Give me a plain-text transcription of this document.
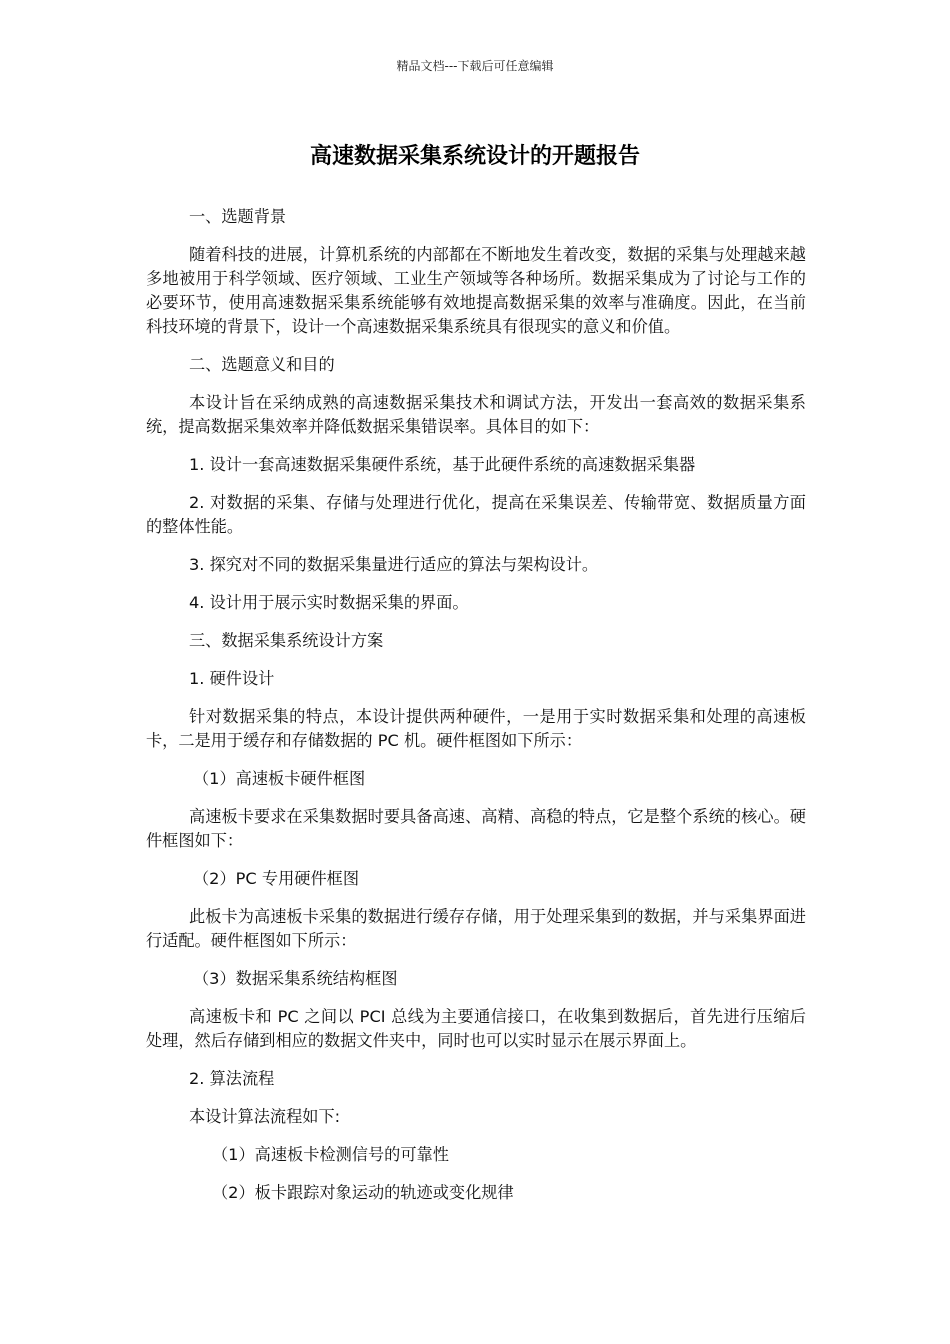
精品文档---下载后可任意编辑
高速数据采集系统设计的开题报告

一、选题背景

随着科技的进展，计算机系统的内部都在不断地发生着改变，数据的采集与处理越来越多地被用于科学领域、医疗领域、工业生产领域等各种场所。数据采集成为了讨论与工作的必要环节，使用高速数据采集系统能够有效地提高数据采集的效率与准确度。因此，在当前科技环境的背景下，设计一个高速数据采集系统具有很现实的意义和价值。

二、选题意义和目的

本设计旨在采纳成熟的高速数据采集技术和调试方法，开发出一套高效的数据采集系统，提高数据采集效率并降低数据采集错误率。具体目的如下：

1. 设计一套高速数据采集硬件系统，基于此硬件系统的高速数据采集器

2. 对数据的采集、存储与处理进行优化，提高在采集误差、传输带宽、数据质量方面的整体性能。

3. 探究对不同的数据采集量进行适应的算法与架构设计。

4. 设计用于展示实时数据采集的界面。

三、数据采集系统设计方案

1. 硬件设计

针对数据采集的特点，本设计提供两种硬件，一是用于实时数据采集和处理的高速板卡，二是用于缓存和存储数据的 PC 机。硬件框图如下所示：

（1）高速板卡硬件框图

高速板卡要求在采集数据时要具备高速、高精、高稳的特点，它是整个系统的核心。硬件框图如下：

（2）PC 专用硬件框图

此板卡为高速板卡采集的数据进行缓存存储，用于处理采集到的数据，并与采集界面进行适配。硬件框图如下所示：

（3）数据采集系统结构框图

高速板卡和 PC 之间以 PCI 总线为主要通信接口，在收集到数据后，首先进行压缩后处理，然后存储到相应的数据文件夹中，同时也可以实时显示在展示界面上。

2. 算法流程

本设计算法流程如下:

（1）高速板卡检测信号的可靠性

（2）板卡跟踪对象运动的轨迹或变化规律
